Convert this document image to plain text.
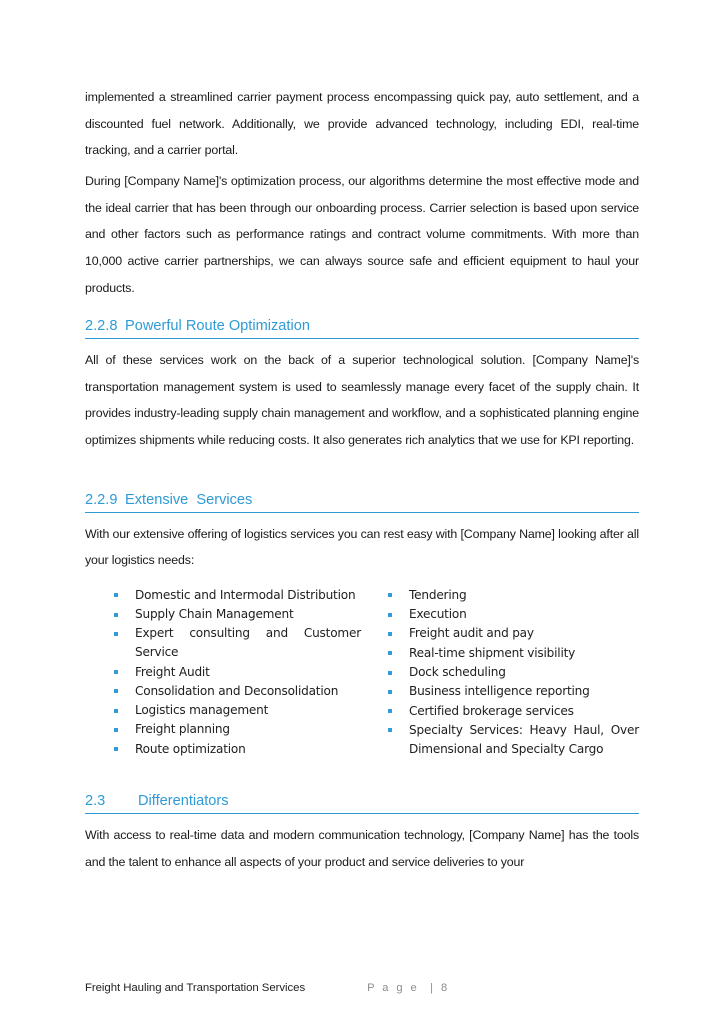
implemented a streamlined carrier payment process encompassing quick pay, auto settlement, and a discounted fuel network. Additionally, we provide advanced technology, including EDI, real-time tracking, and a carrier portal.

During [Company Name]'s optimization process, our algorithms determine the most effective mode and the ideal carrier that has been through our onboarding process. Carrier selection is based upon service and other factors such as performance ratings and contract volume commitments. With more than 10,000 active carrier partnerships, we can always source safe and efficient equipment to haul your products.

2.2.8 Powerful Route Optimization

All of these services work on the back of a superior technological solution. [Company Name]'s transportation management system is used to seamlessly manage every facet of the supply chain. It provides industry-leading supply chain management and workflow, and a sophisticated planning engine optimizes shipments while reducing costs. It also generates rich analytics that we use for KPI reporting.

2.2.9 Extensive  Services

With our extensive offering of logistics services you can rest easy with [Company Name] looking after all your logistics needs:

Domestic and Intermodal Distribution
Supply Chain Management
Expert consulting and Customer Service
Freight Audit
Consolidation and Deconsolidation
Logistics management
Freight planning
Route optimization
Tendering
Execution
Freight audit and pay
Real-time shipment visibility
Dock scheduling
Business intelligence reporting
Certified brokerage services
Specialty Services: Heavy Haul, Over Dimensional and Specialty Cargo
2.3	Differentiators

With access to real-time data and modern communication technology, [Company Name] has the tools and the talent to enhance all aspects of your product and service deliveries to your

Freight Hauling and Transportation Services	P a g e  | 8
